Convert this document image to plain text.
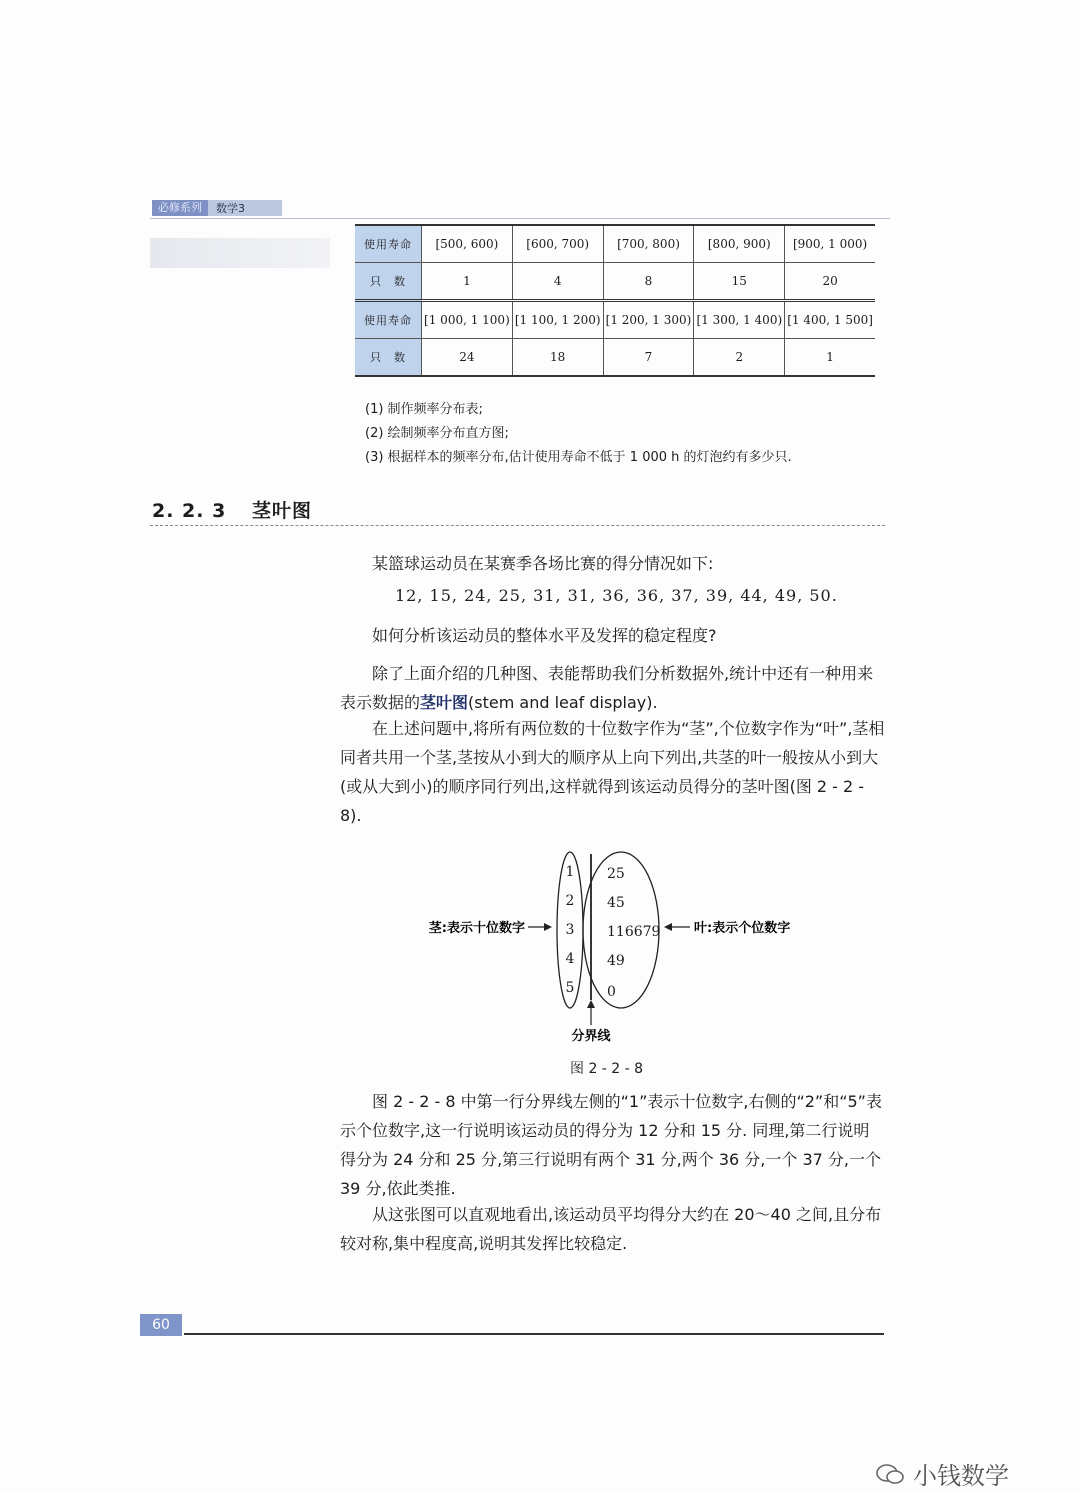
必修系列	数学3
使用寿命	[500, 600)	[600, 700)	[700, 800)	[800, 900)	[900, 1 000)
只　数	1	4	8	15	20
使用寿命	[1 000, 1 100)	[1 100, 1 200)	[1 200, 1 300)	[1 300, 1 400)	[1 400, 1 500]
只　数	24	18	7	2	1
(1) 制作频率分布表;
(2) 绘制频率分布直方图;
(3) 根据样本的频率分布,估计使用寿命不低于 1 000 h 的灯泡约有多少只.
2. 2. 3 茎叶图
某篮球运动员在某赛季各场比赛的得分情况如下:
12, 15, 24, 25, 31, 31, 36, 36, 37, 39, 44, 49, 50.
如何分析该运动员的整体水平及发挥的稳定程度?
除了上面介绍的几种图、表能帮助我们分析数据外,统计中还有一种用来表示数据的茎叶图(stem and leaf display).
在上述问题中,将所有两位数的十位数字作为“茎”,个位数字作为“叶”,茎相同者共用一个茎,茎按从小到大的顺序从上向下列出,共茎的叶一般按从小到大(或从大到小)的顺序同行列出,这样就得到该运动员得分的茎叶图(图 2 - 2 - 8).
1
2
3
4
5
25
45
116679
49
0
茎:表示十位数字	叶:表示个位数字
分界线
图 2 - 2 - 8
图 2 - 2 - 8 中第一行分界线左侧的“1”表示十位数字,右侧的“2”和“5”表示个位数字,这一行说明该运动员的得分为 12 分和 15 分. 同理,第二行说明得分为 24 分和 25 分,第三行说明有两个 31 分,两个 36 分,一个 37 分,一个 39 分,依此类推.
从这张图可以直观地看出,该运动员平均得分大约在 20～40 之间,且分布较对称,集中程度高,说明其发挥比较稳定.
60
小钱数学
